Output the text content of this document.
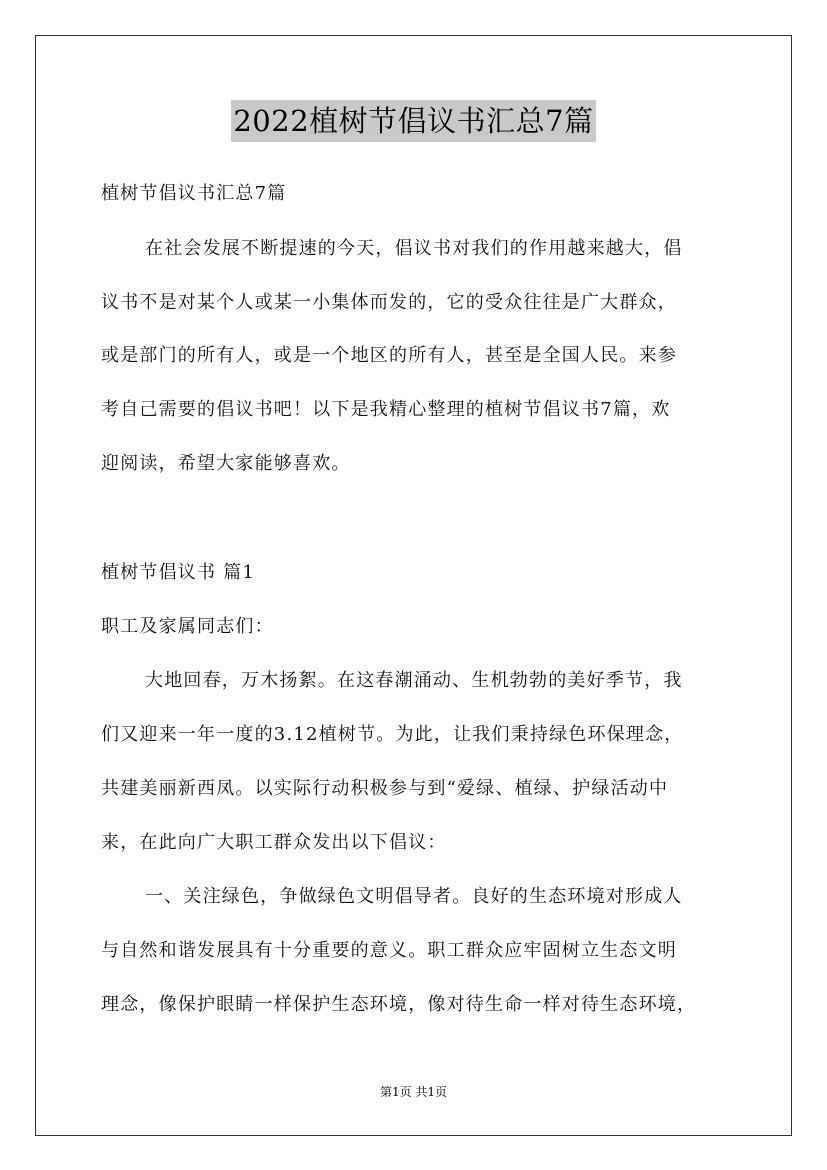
2022植树节倡议书汇总7篇
植树节倡议书汇总7篇
在社会发展不断提速的今天，倡议书对我们的作用越来越大，倡
议书不是对某个人或某一小集体而发的，它的受众往往是广大群众，
或是部门的所有人，或是一个地区的所有人，甚至是全国人民。来参
考自己需要的倡议书吧！以下是我精心整理的植树节倡议书7篇，欢
迎阅读，希望大家能够喜欢。
植树节倡议书 篇1
职工及家属同志们：
大地回春，万木扬絮。在这春潮涌动、生机勃勃的美好季节，我
们又迎来一年一度的3.12植树节。为此，让我们秉持绿色环保理念，
共建美丽新西凤。以实际行动积极参与到“爱绿、植绿、护绿活动中
来，在此向广大职工群众发出以下倡议：
一、关注绿色，争做绿色文明倡导者。良好的生态环境对形成人
与自然和谐发展具有十分重要的意义。职工群众应牢固树立生态文明
理念，像保护眼睛一样保护生态环境，像对待生命一样对待生态环境，
第1页 共1页
